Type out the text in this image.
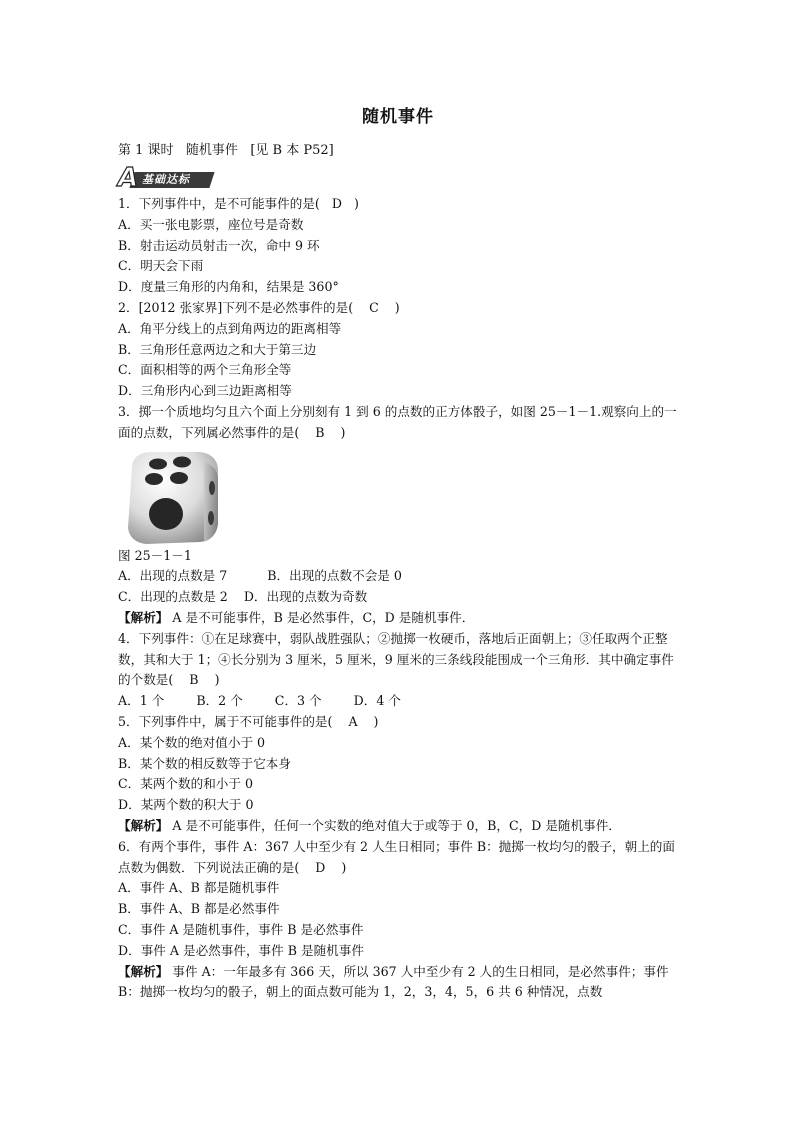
随机事件
第 1 课时   随机事件   [见 B 本 P52]
A 基础达标
1．下列事件中，是不可能事件的是(   D   )
A．买一张电影票，座位号是奇数
B．射击运动员射击一次，命中 9 环
C．明天会下雨
D．度量三角形的内角和，结果是 360°
2．[2012 张家界]下列不是必然事件的是(    C    )
A．角平分线上的点到角两边的距离相等
B．三角形任意两边之和大于第三边
C．面积相等的两个三角形全等
D．三角形内心到三边距离相等
3．掷一个质地均匀且六个面上分别刻有 1 到 6 的点数的正方体骰子，如图 25－1－1.观察向上的一面的点数，下列属必然事件的是(    B    )
图 25－1－1
A．出现的点数是 7          B．出现的点数不会是 0
C．出现的点数是 2    D．出现的点数为奇数
【解析】 A 是不可能事件，B 是必然事件，C，D 是随机事件．
4．下列事件：①在足球赛中，弱队战胜强队；②抛掷一枚硬币，落地后正面朝上；③任取两个正整数，其和大于 1；④长分别为 3 厘米，5 厘米，9 厘米的三条线段能围成一个三角形．其中确定事件的个数是(    B    )
A．1 个        B．2 个        C．3 个        D．4 个
5．下列事件中，属于不可能事件的是(    A    )
A．某个数的绝对值小于 0
B．某个数的相反数等于它本身
C．某两个数的和小于 0
D．某两个数的积大于 0
【解析】 A 是不可能事件，任何一个实数的绝对值大于或等于 0，B，C，D 是随机事件．
6．有两个事件，事件 A：367 人中至少有 2 人生日相同；事件 B：抛掷一枚均匀的骰子，朝上的面点数为偶数．下列说法正确的是(    D    )
A．事件 A、B 都是随机事件
B．事件 A、B 都是必然事件
C．事件 A 是随机事件，事件 B 是必然事件
D．事件 A 是必然事件，事件 B 是随机事件
【解析】 事件 A：一年最多有 366 天，所以 367 人中至少有 2 人的生日相同，是必然事件；事件 B：抛掷一枚均匀的骰子，朝上的面点数可能为 1，2，3，4，5，6 共 6 种情况，点数
